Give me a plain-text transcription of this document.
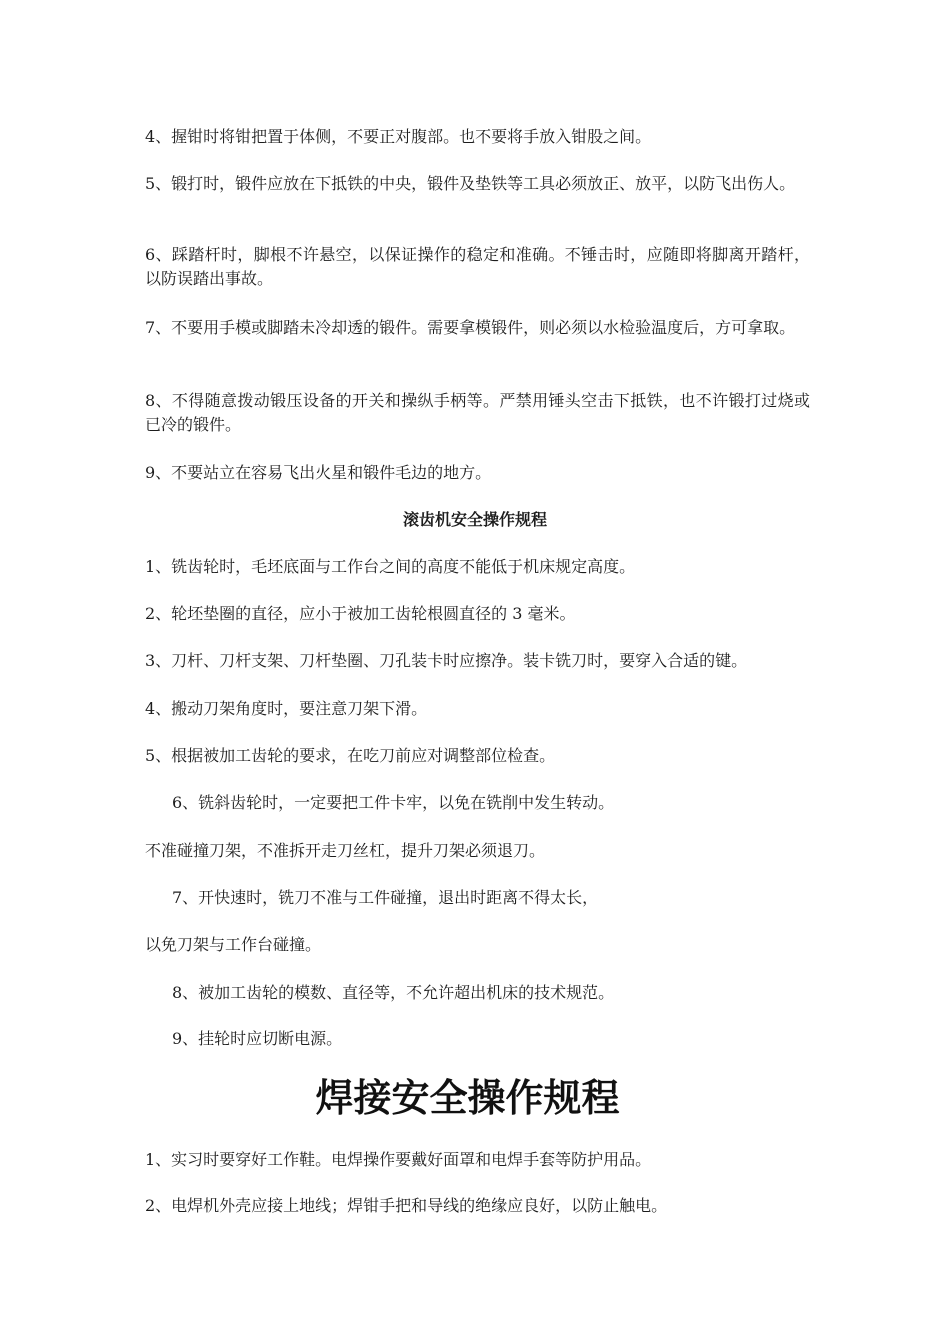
4、握钳时将钳把置于体侧，不要正对腹部。也不要将手放入钳股之间。

5、锻打时，锻件应放在下抵铁的中央，锻件及垫铁等工具必须放正、放平，以防飞出伤人。

6、踩踏杆时，脚根不许悬空，以保证操作的稳定和准确。不锤击时，应随即将脚离开踏杆，以防误踏出事故。

7、不要用手模或脚踏未冷却透的锻件。需要拿模锻件，则必须以水检验温度后，方可拿取。

8、不得随意拨动锻压设备的开关和操纵手柄等。严禁用锤头空击下抵铁，也不许锻打过烧或已冷的锻件。

9、不要站立在容易飞出火星和锻件毛边的地方。

滚齿机安全操作规程

1、铣齿轮时，毛坯底面与工作台之间的高度不能低于机床规定高度。

2、轮坯垫圈的直径，应小于被加工齿轮根圆直径的 3 毫米。

3、刀杆、刀杆支架、刀杆垫圈、刀孔装卡时应擦净。装卡铣刀时，要穿入合适的键。

4、搬动刀架角度时，要注意刀架下滑。

5、根据被加工齿轮的要求，在吃刀前应对调整部位检查。

6、铣斜齿轮时，一定要把工件卡牢，以免在铣削中发生转动。

不准碰撞刀架，不准拆开走刀丝杠，提升刀架必须退刀。

7、开快速时，铣刀不准与工件碰撞，退出时距离不得太长，

以免刀架与工作台碰撞。

8、被加工齿轮的模数、直径等，不允许超出机床的技术规范。

9、挂轮时应切断电源。

焊接安全操作规程

1、实习时要穿好工作鞋。电焊操作要戴好面罩和电焊手套等防护用品。

2、电焊机外壳应接上地线；焊钳手把和导线的绝缘应良好，以防止触电。
